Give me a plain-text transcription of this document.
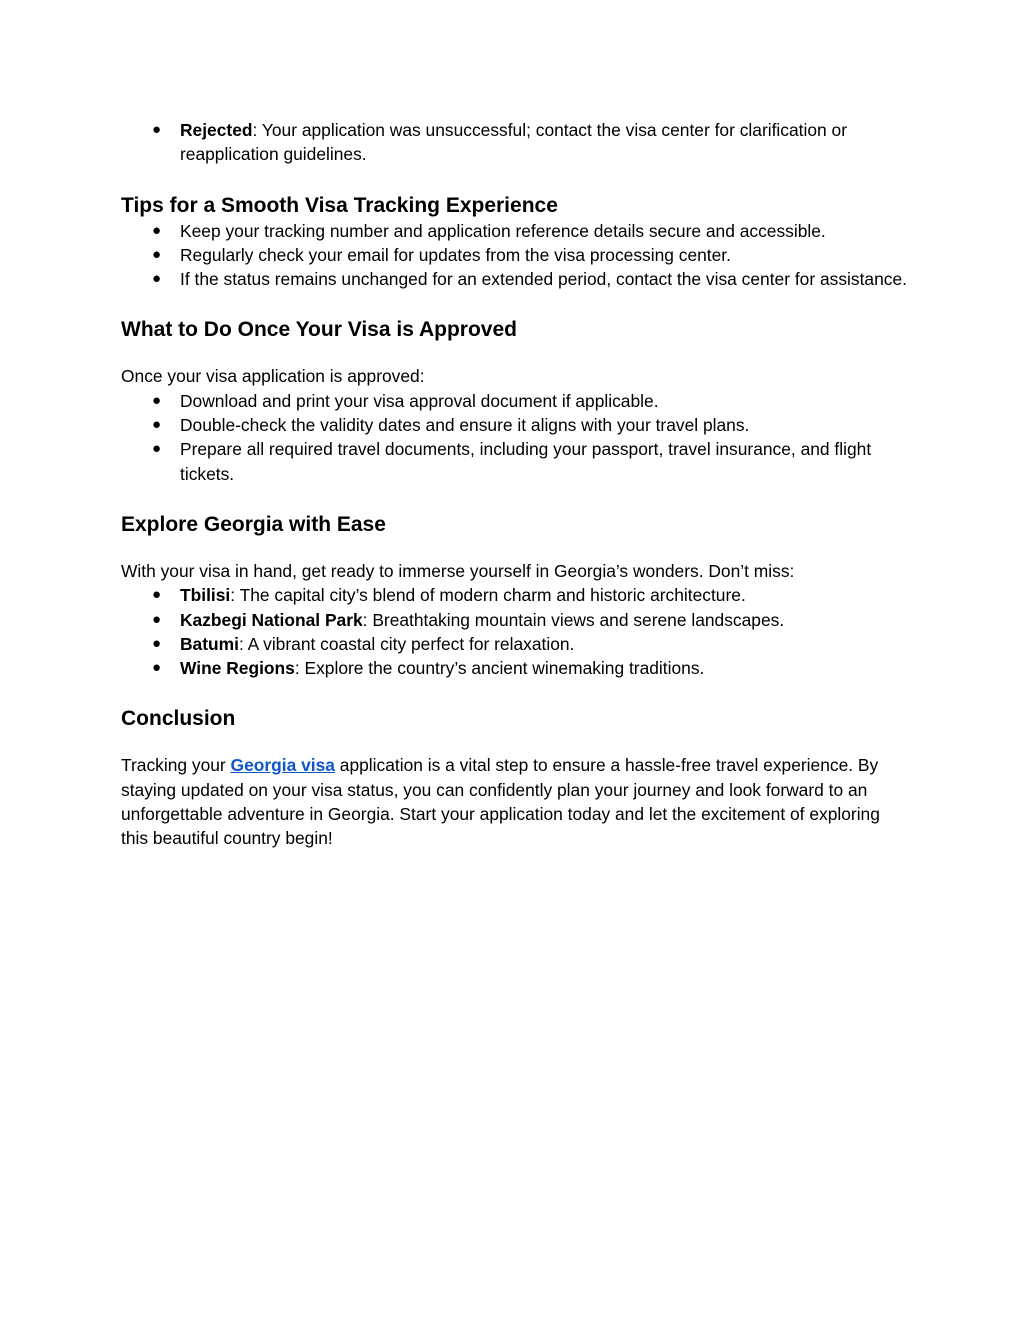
● Rejected: Your application was unsuccessful; contact the visa center for clarification or reapplication guidelines.
Tips for a Smooth Visa Tracking Experience
● Keep your tracking number and application reference details secure and accessible.
● Regularly check your email for updates from the visa processing center.
● If the status remains unchanged for an extended period, contact the visa center for assistance.
What to Do Once Your Visa is Approved

Once your visa application is approved:

● Download and print your visa approval document if applicable.
● Double-check the validity dates and ensure it aligns with your travel plans.
● Prepare all required travel documents, including your passport, travel insurance, and flight tickets.
Explore Georgia with Ease

With your visa in hand, get ready to immerse yourself in Georgia’s wonders. Don’t miss:

● Tbilisi: The capital city’s blend of modern charm and historic architecture.
● Kazbegi National Park: Breathtaking mountain views and serene landscapes.
● Batumi: A vibrant coastal city perfect for relaxation.
● Wine Regions: Explore the country’s ancient winemaking traditions.
Conclusion

Tracking your Georgia visa application is a vital step to ensure a hassle-free travel experience. By staying updated on your visa status, you can confidently plan your journey and look forward to an unforgettable adventure in Georgia. Start your application today and let the excitement of exploring this beautiful country begin!
